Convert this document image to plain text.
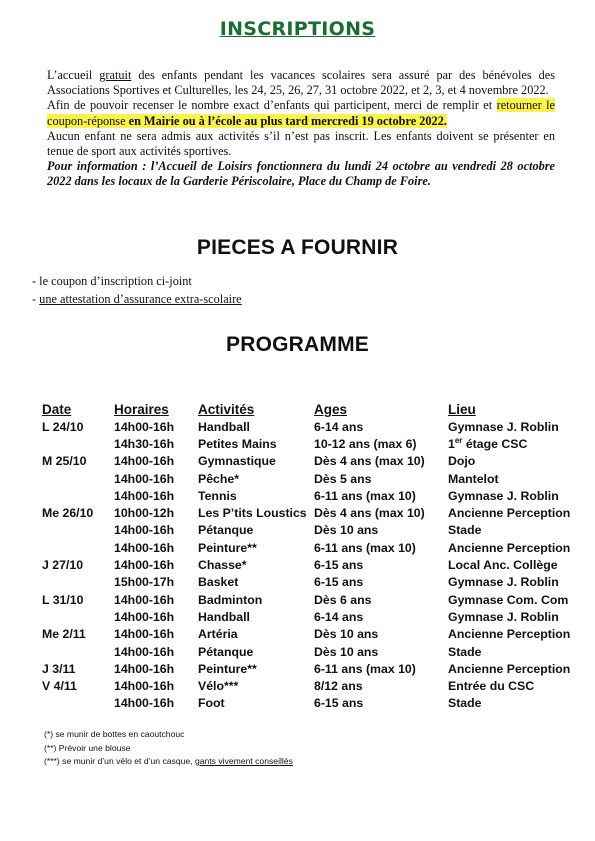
INSCRIPTIONS

L’accueil gratuit des enfants pendant les vacances scolaires sera assuré par des bénévoles des Associations Sportives et Culturelles, les 24, 25, 26, 27, 31 octobre 2022, et 2, 3, et 4 novembre 2022.

Afin de pouvoir recenser le nombre exact d’enfants qui participent, merci de remplir et retourner le coupon-réponse en Mairie ou à l’école au plus tard mercredi 19 octobre 2022.

Aucun enfant ne sera admis aux activités s’il n’est pas inscrit. Les enfants doivent se présenter en tenue de sport aux activités sportives.

Pour information : l’Accueil de Loisirs fonctionnera du lundi 24 octobre au vendredi 28 octobre 2022 dans les locaux de la Garderie Périscolaire, Place du Champ de Foire.

PIECES A FOURNIR
- le coupon d’inscription ci-joint
- une attestation d’assurance extra-scolaire
PROGRAMME
Date	Horaires	Activités	Ages	Lieu
L 24/10	14h00-16h	Handball	6-14 ans	Gymnase J. Roblin
	14h30-16h	Petites Mains	10-12 ans (max 6)	1er étage CSC
M 25/10	14h00-16h	Gymnastique	Dès 4 ans (max 10)	Dojo
	14h00-16h	Pêche*	Dès 5 ans	Mantelot
	14h00-16h	Tennis	6-11 ans (max 10)	Gymnase J. Roblin
Me 26/10	10h00-12h	Les P’tits Loustics	Dès 4 ans (max 10)	Ancienne Perception
	14h00-16h	Pétanque	Dès 10 ans	Stade
	14h00-16h	Peinture**	6-11 ans (max 10)	Ancienne Perception
J 27/10	14h00-16h	Chasse*	6-15 ans	Local Anc. Collège
	15h00-17h	Basket	6-15 ans	Gymnase J. Roblin
L 31/10	14h00-16h	Badminton	Dès 6 ans	Gymnase Com. Com
	14h00-16h	Handball	6-14 ans	Gymnase J. Roblin
Me 2/11	14h00-16h	Artéria	Dès 10 ans	Ancienne Perception
	14h00-16h	Pétanque	Dès 10 ans	Stade
J 3/11	14h00-16h	Peinture**	6-11 ans (max 10)	Ancienne Perception
V 4/11	14h00-16h	Vélo***	8/12 ans	Entrée du CSC
	14h00-16h	Foot	6-15 ans	Stade
(*) se munir de bottes en caoutchouc
(**) Prévoir une blouse
(***) se munir d’un vélo et d’un casque, gants vivement conseillés
